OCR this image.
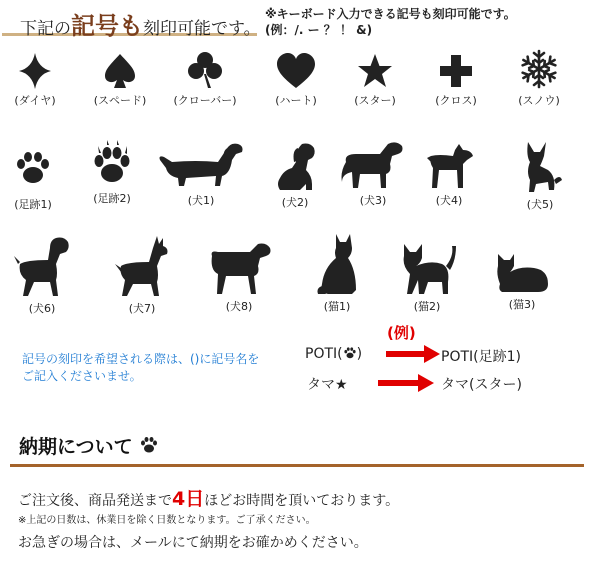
下記の記号も刻印可能です。
※キーボード入力できる記号も刻印可能です。
(例：/. ー ？ ！ &)
(ダイヤ)	(スペード)	(クローバー)	(ハート)	(スター)	(クロス)	(スノウ)
(足跡1)	(足跡2)	(犬1)	(犬2)	(犬3)	(犬4)	(犬5)
(犬6)	(犬7)	(犬8)	(猫1)	(猫2)	(猫3)
記号の刻印を希望される際は、()に記号名を
ご記入くださいませ。
(例)
POTI( )	POTI(足跡1)
タマ★	タマ(スター)
納期について
ご注文後、商品発送まで4日ほどお時間を頂いております。
※上記の日数は、休業日を除く日数となります。ご了承ください。
お急ぎの場合は、メールにて納期をお確かめください。
